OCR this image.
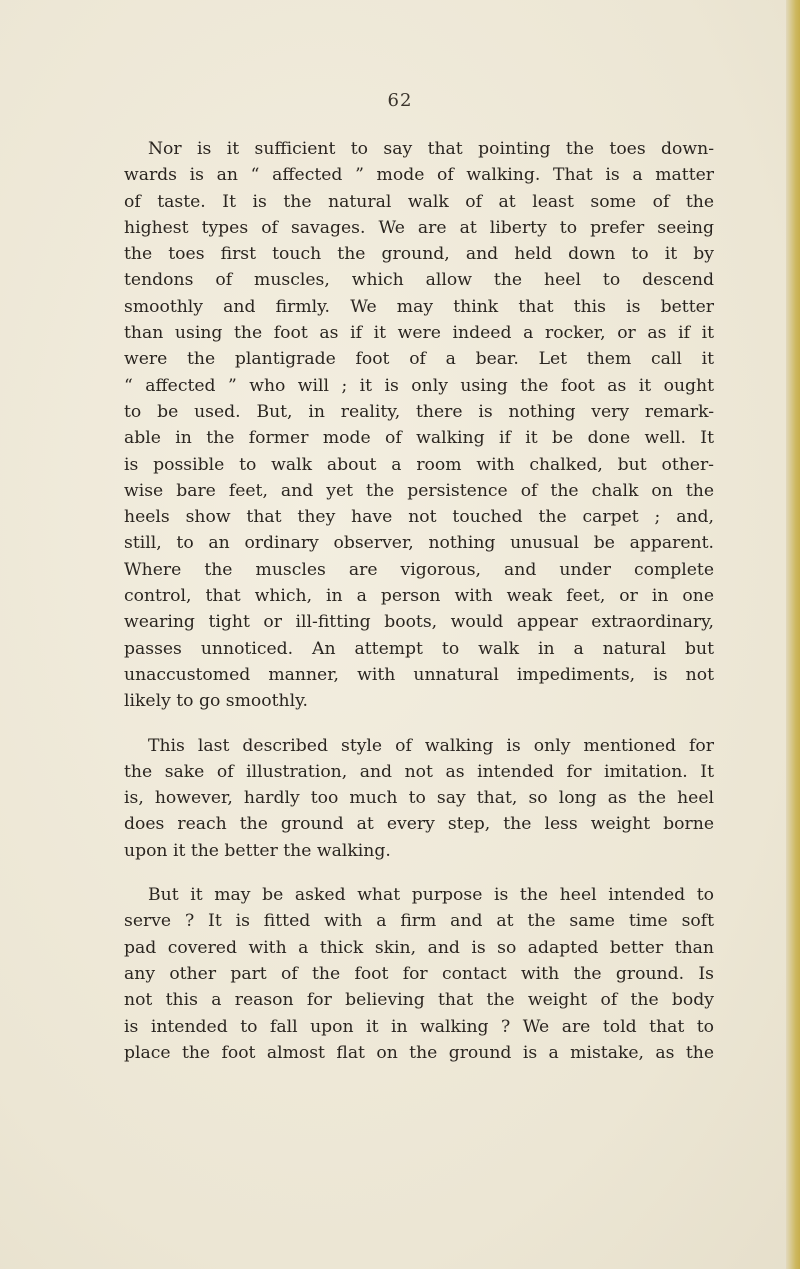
62
Nor is it sufficient to say that pointing the toes down-
wards is an “ affected ” mode of walking. That is a matter
of taste. It is the natural walk of at least some of the
highest types of savages. We are at liberty to prefer seeing
the toes first touch the ground, and held down to it by
tendons of muscles, which allow the heel to descend
smoothly and firmly. We may think that this is better
than using the foot as if it were indeed a rocker, or as if it
were the plantigrade foot of a bear. Let them call it
“ affected ” who will ; it is only using the foot as it ought
to be used. But, in reality, there is nothing very remark-
able in the former mode of walking if it be done well. It
is possible to walk about a room with chalked, but other-
wise bare feet, and yet the persistence of the chalk on the
heels show that they have not touched the carpet ; and,
still, to an ordinary observer, nothing unusual be apparent.
Where the muscles are vigorous, and under complete
control, that which, in a person with weak feet, or in one
wearing tight or ill-fitting boots, would appear extraordinary,
passes unnoticed. An attempt to walk in a natural but
unaccustomed manner, with unnatural impediments, is not
likely to go smoothly.
This last described style of walking is only mentioned for
the sake of illustration, and not as intended for imitation. It
is, however, hardly too much to say that, so long as the heel
does reach the ground at every step, the less weight borne
upon it the better the walking.
But it may be asked what purpose is the heel intended to
serve ? It is fitted with a firm and at the same time soft
pad covered with a thick skin, and is so adapted better than
any other part of the foot for contact with the ground. Is
not this a reason for believing that the weight of the body
is intended to fall upon it in walking ? We are told that to
place the foot almost flat on the ground is a mistake, as the
